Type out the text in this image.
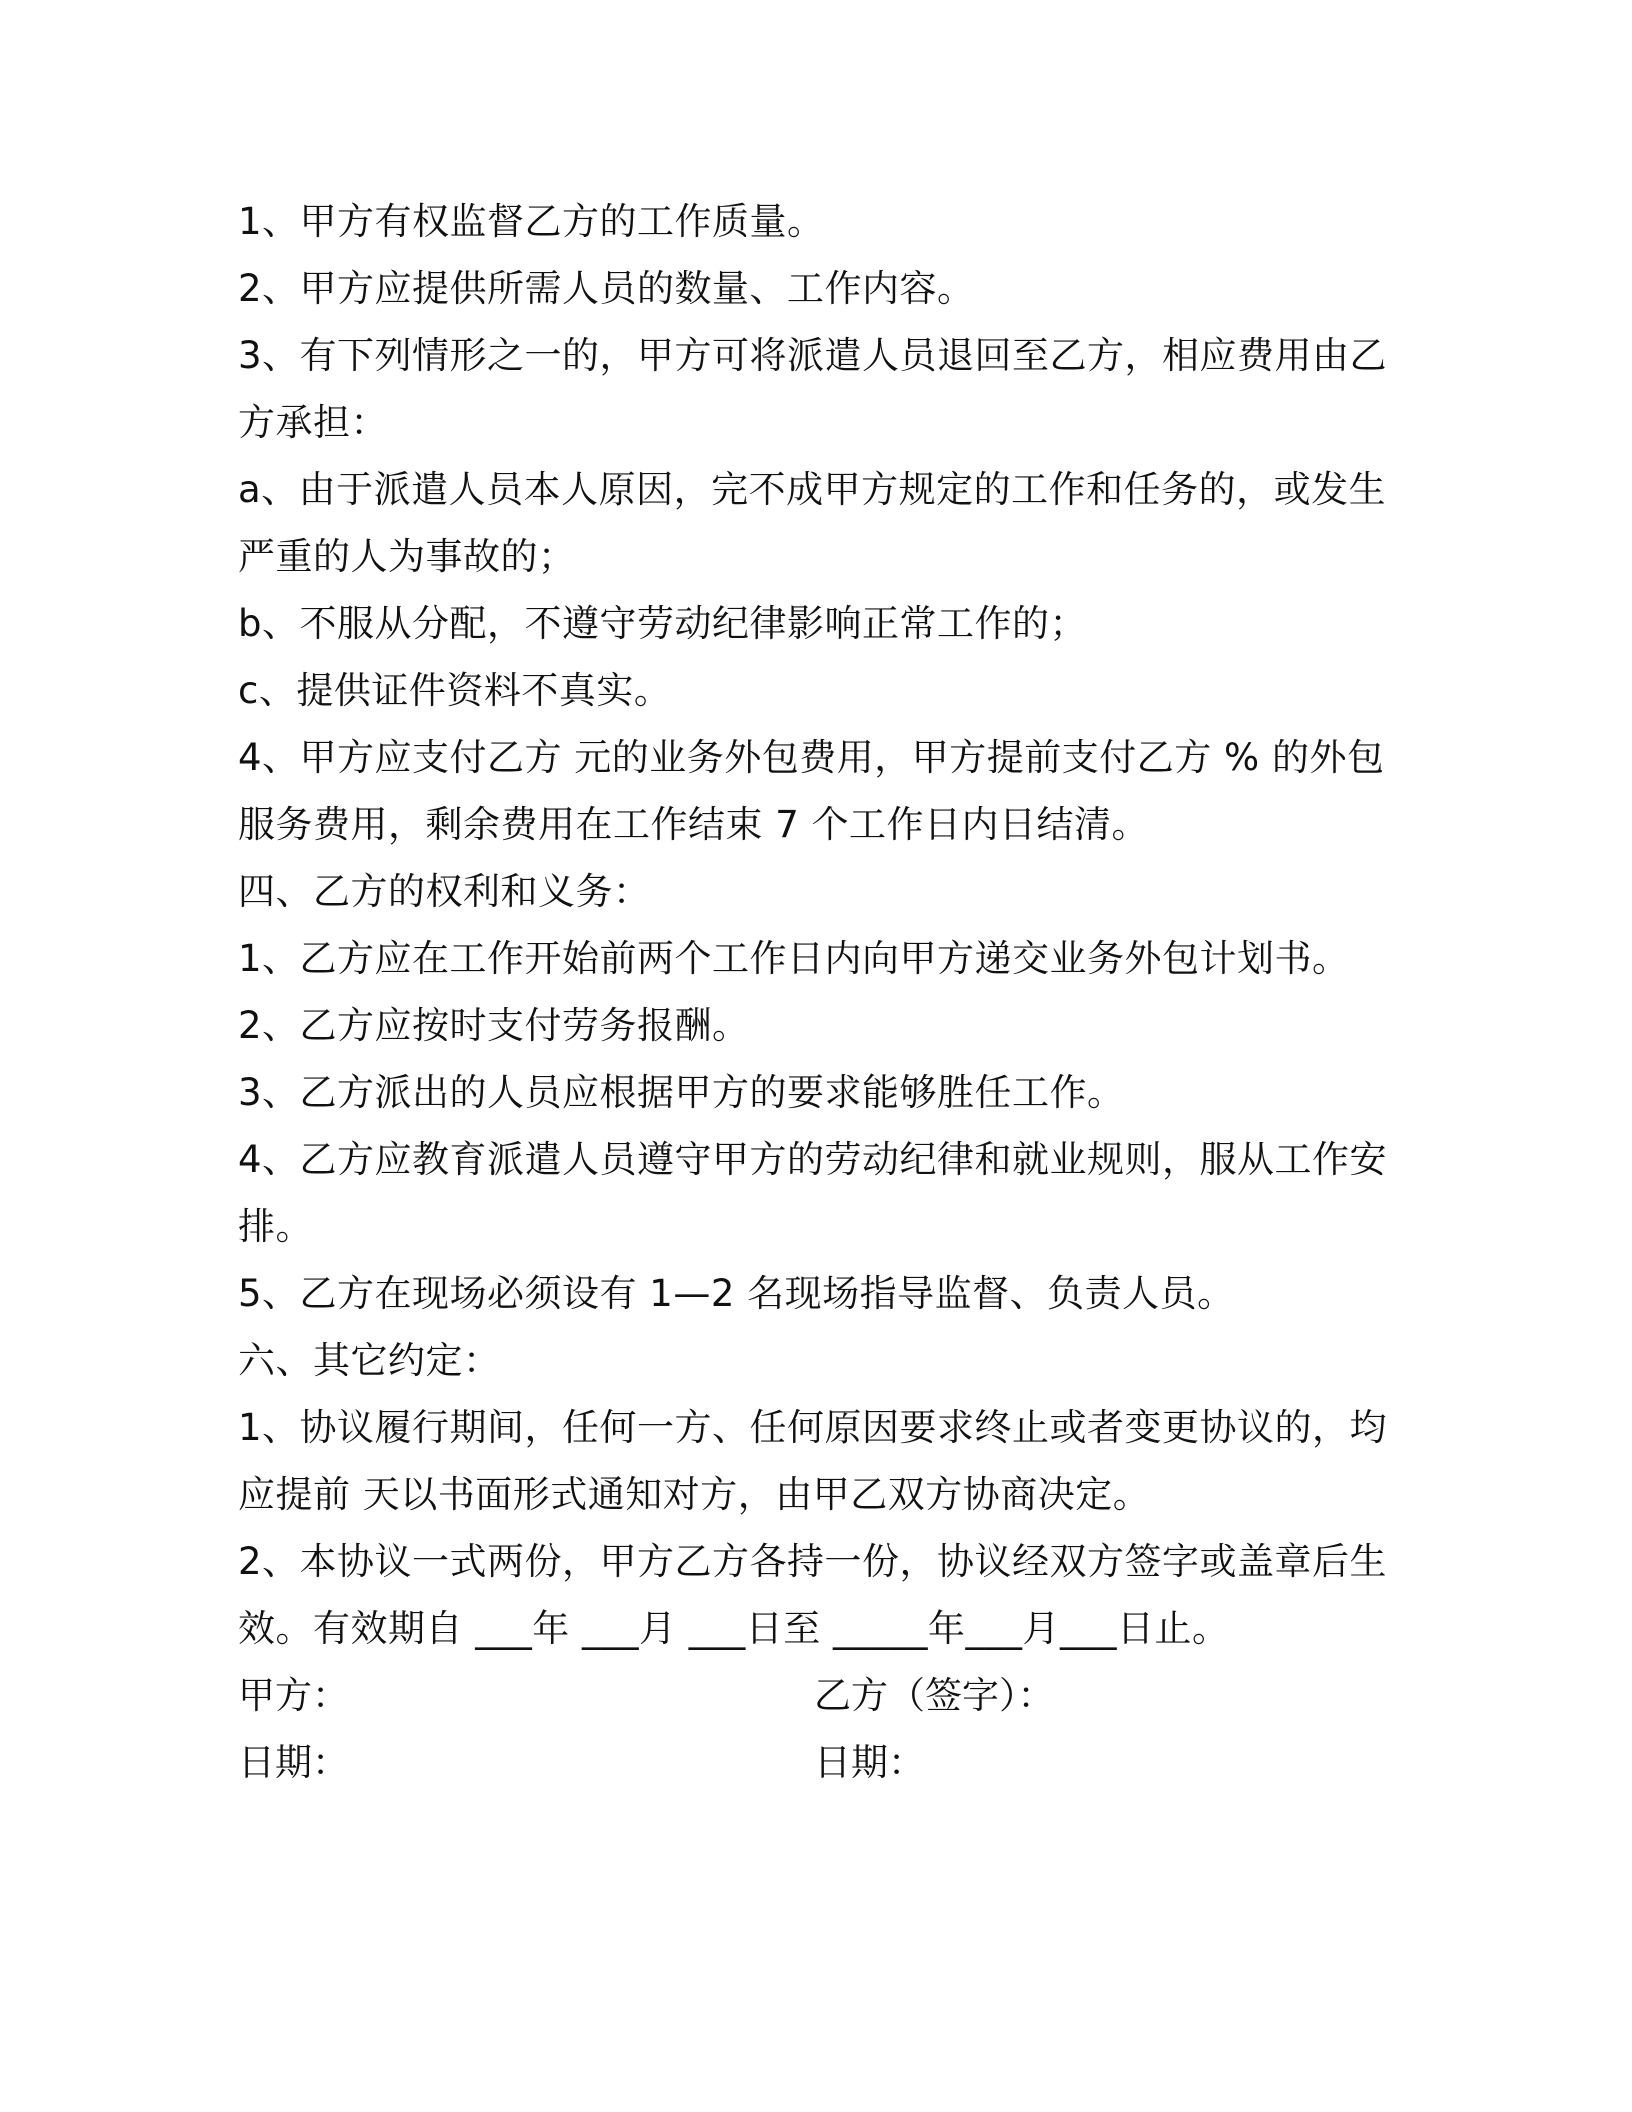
1、甲方有权监督乙方的工作质量。
2、甲方应提供所需人员的数量、工作内容。
3、有下列情形之一的，甲方可将派遣人员退回至乙方，相应费用由乙
方承担：
a、由于派遣人员本人原因，完不成甲方规定的工作和任务的，或发生
严重的人为事故的；
b、不服从分配，不遵守劳动纪律影响正常工作的；
c、提供证件资料不真实。
4、甲方应支付乙方 元的业务外包费用，甲方提前支付乙方 % 的外包
服务费用，剩余费用在工作结束 7 个工作日内日结清。
四、乙方的权利和义务：
1、乙方应在工作开始前两个工作日内向甲方递交业务外包计划书。
2、乙方应按时支付劳务报酬。
3、乙方派出的人员应根据甲方的要求能够胜任工作。
4、乙方应教育派遣人员遵守甲方的劳动纪律和就业规则，服从工作安
排。
5、乙方在现场必须设有 1—2 名现场指导监督、负责人员。
六、其它约定：
1、协议履行期间，任何一方、任何原因要求终止或者变更协议的，均
应提前 天以书面形式通知对方，由甲乙双方协商决定。
2、本协议一式两份，甲方乙方各持一份，协议经双方签字或盖章后生
效。有效期自 ___年 ___月 ___日至 _____年___月___日止。
甲方：	乙方（签字）：
日期：	日期：
